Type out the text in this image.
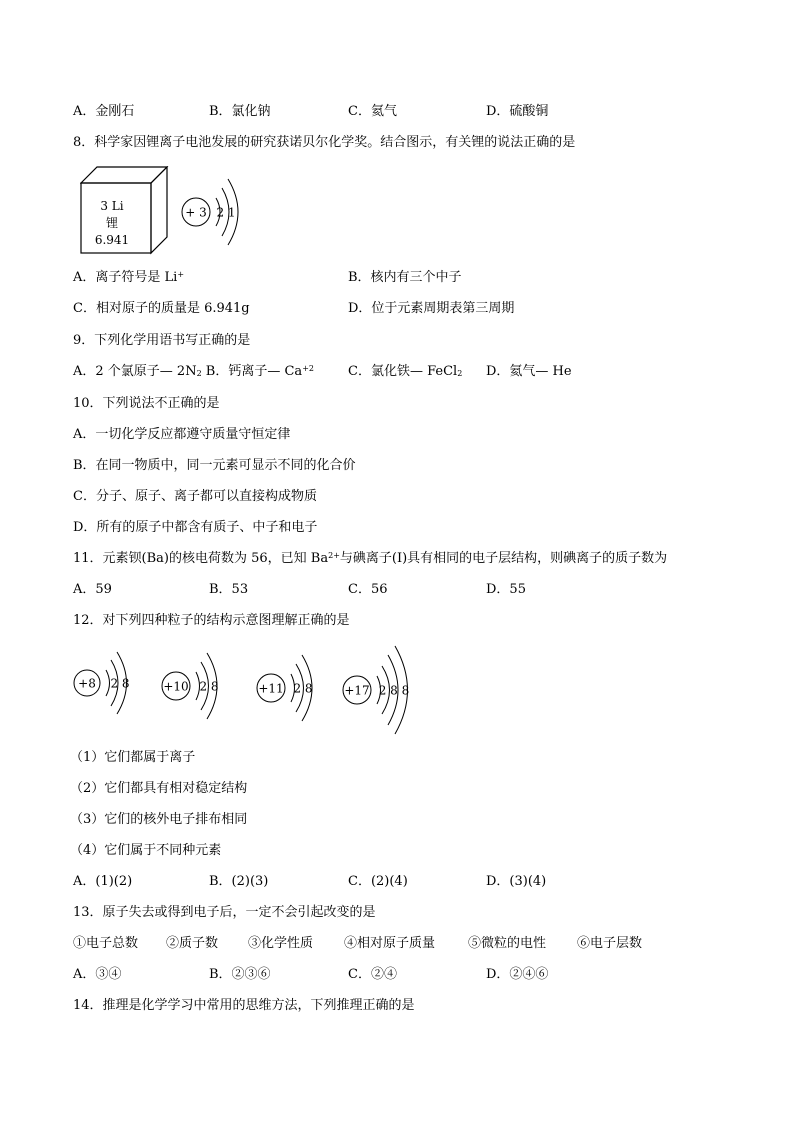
A．金刚石	B．氯化钠	C．氦气	D．硫酸铜
8．科学家因锂离子电池发展的研究获诺贝尔化学奖。结合图示，有关锂的说法正确的是
3 Li
锂
6.941
+ 3 2 1
A．离子符号是 Li+	B．核内有三个中子
C．相对原子的质量是 6.941g	D．位于元素周期表第三周期
9．下列化学用语书写正确的是
A．2 个氯原子— $2N_2$ B．钙离子— $Ca^{+2}$	C．氯化铁— FeCl$_2$ D．氦气— He
10．下列说法不正确的是
A．一切化学反应都遵守质量守恒定律
B．在同一物质中，同一元素可显示不同的化合价
C．分子、原子、离子都可以直接构成物质
D．所有的原子中都含有质子、中子和电子
11．元素钡(Ba)的核电荷数为 56，已知 $Ba^{2+}$与碘离子(I)具有相同的电子层结构，则碘离子的质子数为
A．59	B．53	C．56	D．55
12．对下列四种粒子的结构示意图理解正确的是
+8 2 8	+10 2 8	+11 2 8	+17 2 8 8
（1）它们都属于离子
（2）它们都具有相对稳定结构
（3）它们的核外电子排布相同
（4）它们属于不同种元素
A．(1)(2)	B．(2)(3)	C．(2)(4)	D．(3)(4)
13．原子失去或得到电子后，一定不会引起改变的是
①电子总数 ②质子数 ③化学性质 ④相对原子质量	⑤微粒的电性 ⑥电子层数
A．③④	B．②③⑥	C．②④	D．②④⑥
14．推理是化学学习中常用的思维方法，下列推理正确的是
